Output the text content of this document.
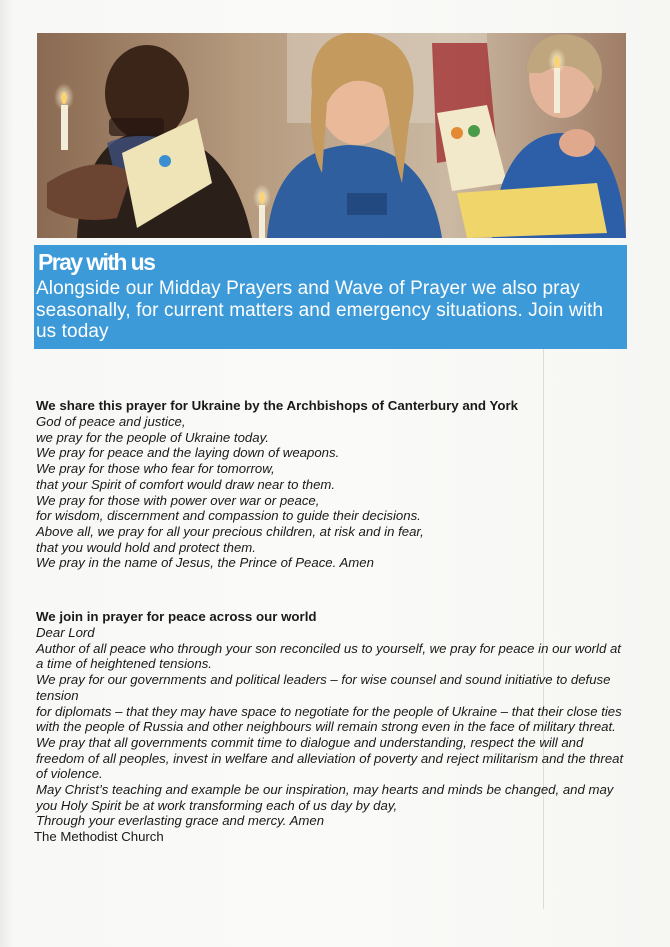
Pray with us
Alongside our Midday Prayers and Wave of Prayer we also pray seasonally, for current matters and emergency situations. Join with us today

We share this prayer for Ukraine by the Archbishops of Canterbury and York

God of peace and justice,
we pray for the people of Ukraine today.
We pray for peace and the laying down of weapons.
We pray for those who fear for tomorrow,
that your Spirit of comfort would draw near to them.
We pray for those with power over war or peace,
for wisdom, discernment and compassion to guide their decisions.
Above all, we pray for all your precious children, at risk and in fear,
that you would hold and protect them.
We pray in the name of Jesus, the Prince of Peace. Amen

We join in prayer for peace across our world

Dear Lord
Author of all peace who through your son reconciled us to yourself, we pray for peace in our world at a time of heightened tensions.
We pray for our governments and political leaders – for wise counsel and sound initiative to defuse tension
for diplomats – that they may have space to negotiate for the people of Ukraine – that their close ties with the people of Russia and other neighbours will remain strong even in the face of military threat.
We pray that all governments commit time to dialogue and understanding, respect the will and freedom of all peoples, invest in welfare and alleviation of poverty and reject militarism and the threat of violence.
May Christ’s teaching and example be our inspiration, may hearts and minds be changed, and may you Holy Spirit be at work transforming each of us day by day,
Through your everlasting grace and mercy. Amen
The Methodist Church
